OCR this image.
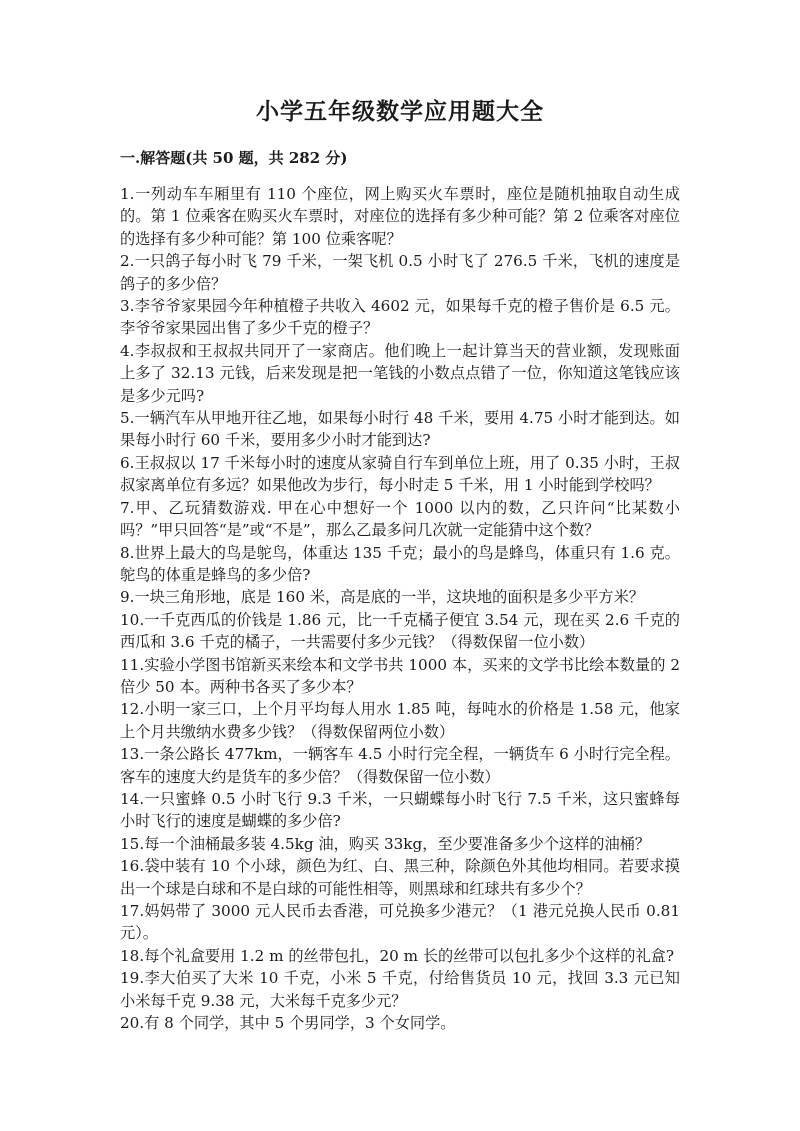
小学五年级数学应用题大全
一.解答题(共 50 题，共 282 分)

1.一列动车车厢里有 110 个座位，网上购买火车票时，座位是随机抽取自动生成的。第 1 位乘客在购买火车票时，对座位的选择有多少种可能？第 2 位乘客对座位的选择有多少种可能？第 100 位乘客呢？

2.一只鸽子每小时飞 79 千米，一架飞机 0.5 小时飞了 276.5 千米，飞机的速度是鸽子的多少倍？

3.李爷爷家果园今年种植橙子共收入 4602 元，如果每千克的橙子售价是 6.5 元。李爷爷家果园出售了多少千克的橙子？

4.李叔叔和王叔叔共同开了一家商店。他们晚上一起计算当天的营业额，发现账面上多了 32.13 元钱，后来发现是把一笔钱的小数点点错了一位，你知道这笔钱应该是多少元吗?

5.一辆汽车从甲地开往乙地，如果每小时行 48 千米，要用 4.75 小时才能到达。如果每小时行 60 千米，要用多少小时才能到达?

6.王叔叔以 17 千米每小时的速度从家骑自行车到单位上班，用了 0.35 小时，王叔叔家离单位有多远？如果他改为步行，每小时走 5 千米，用 1 小时能到学校吗？

7.甲、乙玩猜数游戏. 甲在心中想好一个 1000 以内的数，乙只许问“比某数小吗？”甲只回答“是”或“不是”，那么乙最多问几次就一定能猜中这个数？

8.世界上最大的鸟是鸵鸟，体重达 135 千克；最小的鸟是蜂鸟，体重只有 1.6 克。鸵鸟的体重是蜂鸟的多少倍?

9.一块三角形地，底是 160 米，高是底的一半，这块地的面积是多少平方米？

10.一千克西瓜的价钱是 1.86 元，比一千克橘子便宜 3.54 元，现在买 2.6 千克的西瓜和 3.6 千克的橘子，一共需要付多少元钱？（得数保留一位小数）

11.实验小学图书馆新买来绘本和文学书共 1000 本，买来的文学书比绘本数量的 2 倍少 50 本。两种书各买了多少本？

12.小明一家三口，上个月平均每人用水 1.85 吨，每吨水的价格是 1.58 元，他家上个月共缴纳水费多少钱？（得数保留两位小数）

13.一条公路长 477km，一辆客车 4.5 小时行完全程，一辆货车 6 小时行完全程。客车的速度大约是货车的多少倍？（得数保留一位小数）

14.一只蜜蜂 0.5 小时飞行 9.3 千米，一只蝴蝶每小时飞行 7.5 千米，这只蜜蜂每小时飞行的速度是蝴蝶的多少倍?

15.每一个油桶最多装 4.5kg 油，购买 33kg，至少要准备多少个这样的油桶？

16.袋中装有 10 个小球，颜色为红、白、黑三种，除颜色外其他均相同。若要求摸出一个球是白球和不是白球的可能性相等，则黑球和红球共有多少个？

17.妈妈带了 3000 元人民币去香港，可兑换多少港元？（1 港元兑换人民币 0.81 元）。

18.每个礼盒要用 1.2 m 的丝带包扎，20 m 长的丝带可以包扎多少个这样的礼盒?

19.李大伯买了大米 10 千克，小米 5 千克，付给售货员 10 元，找回 3.3 元已知小米每千克 9.38 元，大米每千克多少元？

20.有 8 个同学，其中 5 个男同学，3 个女同学。
